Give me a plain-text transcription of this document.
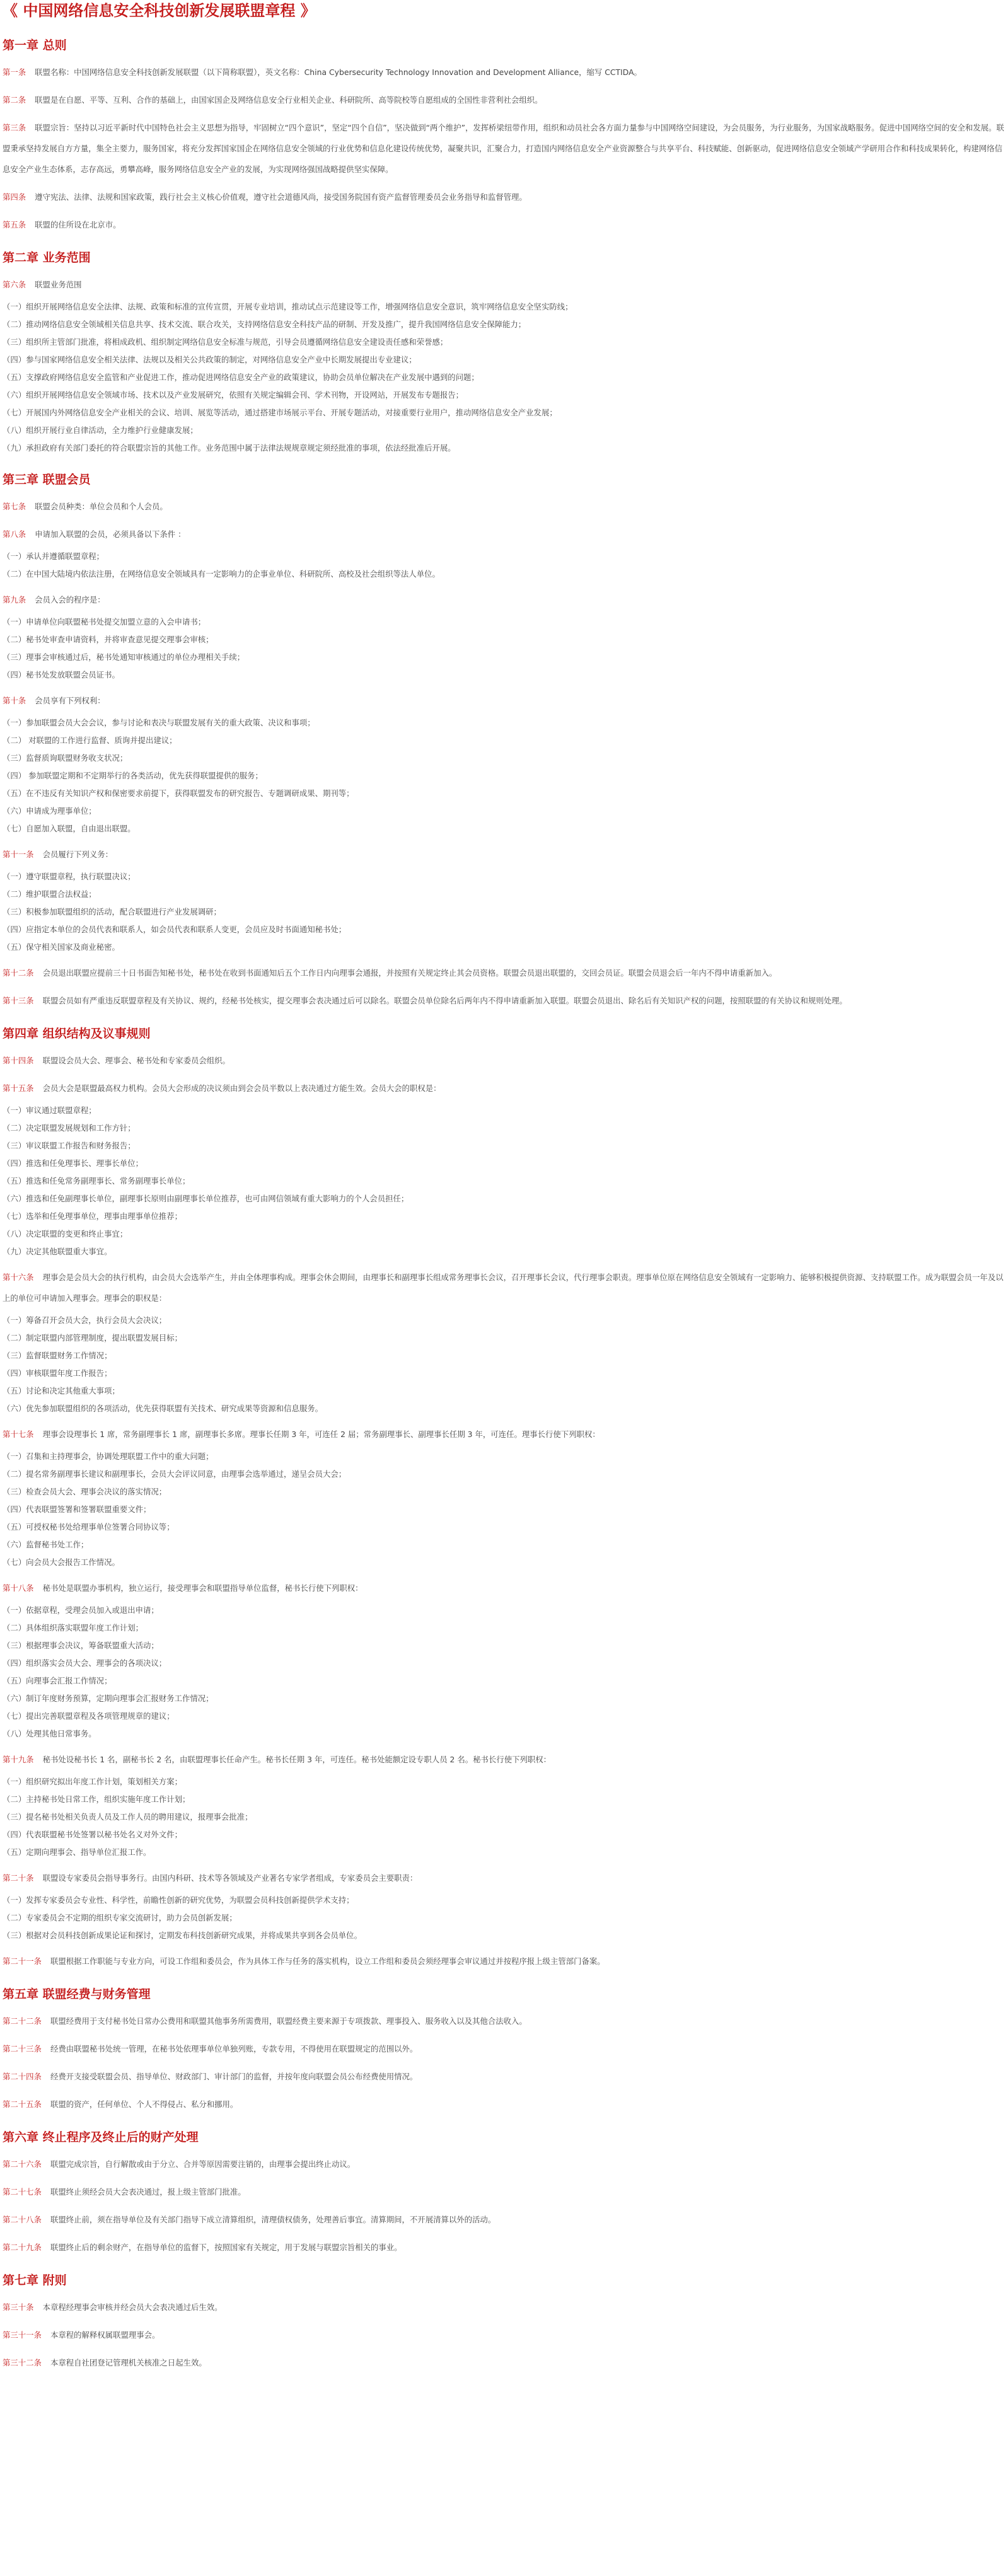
《 中国网络信息安全科技创新发展联盟章程 》
第一章 总则

第一条 联盟名称：中国网络信息安全科技创新发展联盟（以下简称联盟），英文名称：China Cybersecurity Technology Innovation and Development Alliance，缩写 CCTIDA。

第二条 联盟是在自愿、平等、互利、合作的基础上，由国家国企及网络信息安全行业相关企业、科研院所、高等院校等自愿组成的全国性非营利社会组织。

第三条 联盟宗旨：坚持以习近平新时代中国特色社会主义思想为指导，牢固树立“四个意识”，坚定“四个自信”，坚决做到“两个维护”，发挥桥梁纽带作用，组织和动员社会各方面力量参与中国网络空间建设，为会员服务，为行业服务，为国家战略服务。促进中国网络空间的安全和发展。联盟秉承坚持发展自方方量，集全主要力，服务国家，将充分发挥国家国企在网络信息安全领域的行业优势和信息化建设传统优势，凝聚共识，汇聚合力，打造国内网络信息安全产业资源整合与共享平台、科技赋能、创新驱动，促进网络信息安全领域产学研用合作和科技成果转化，构建网络信息安全产业生态体系，志存高远，勇攀高峰，服务网络信息安全产业的发展，为实现网络强国战略提供坚实保障。

第四条 遵守宪法、法律、法规和国家政策，践行社会主义核心价值观，遵守社会道德风尚，接受国务院国有资产监督管理委员会业务指导和监督管理。

第五条 联盟的住所设在北京市。

第二章 业务范围

第六条 联盟业务范围

（一）组织开展网络信息安全法律、法规、政策和标准的宣传宣贯，开展专业培训，推动试点示范建设等工作，增强网络信息安全意识，筑牢网络信息安全坚实防线；

（二）推动网络信息安全领域相关信息共享、技术交流、联合攻关，支持网络信息安全科技产品的研制、开发及推广，提升我国网络信息安全保障能力；

（三）组织所主管部门批准，将相成政机、组织制定网络信息安全标准与规范，引导会员遵循网络信息安全建设责任感和荣誉感；

（四）参与国家网络信息安全相关法律、法规以及相关公共政策的制定，对网络信息安全产业中长期发展提出专业建议；

（五）支撑政府网络信息安全监管和产业促进工作，推动促进网络信息安全产业的政策建议，协助会员单位解决在产业发展中遇到的问题；

（六）组织开展网络信息安全领域市场、技术以及产业发展研究，依照有关规定编辑会刊、学术刊物，开设网站，开展发布专题报告；

（七）开展国内外网络信息安全产业相关的会议、培训、展览等活动，通过搭建市场展示平台、开展专题活动，对接重要行业用户，推动网络信息安全产业发展；

（八）组织开展行业自律活动，全力维护行业健康发展；

（九）承担政府有关部门委托的符合联盟宗旨的其他工作。业务范围中属于法律法规规章规定须经批准的事项，依法经批准后开展。

第三章 联盟会员

第七条 联盟会员种类：单位会员和个人会员。

第八条 申请加入联盟的会员，必须具备以下条件 ：

（一）承认并遵循联盟章程；

（二）在中国大陆境内依法注册，在网络信息安全领域具有一定影响力的企事业单位、科研院所、高校及社会组织等法人单位。

第九条 会员入会的程序是：

（一）申请单位向联盟秘书处提交加盟立意的入会申请书；

（二）秘书处审查申请资料，并将审查意见提交理事会审核；

（三）理事会审核通过后，秘书处通知审核通过的单位办理相关手续；

（四）秘书处发放联盟会员证书。

第十条 会员享有下列权利：

（一）参加联盟会员大会会议，参与讨论和表决与联盟发展有关的重大政策、决议和事项；

（二） 对联盟的工作进行监督、质询并提出建议；

（三）监督质询联盟财务收支状况；

（四） 参加联盟定期和不定期举行的各类活动，优先获得联盟提供的服务；

（五）在不违反有关知识产权和保密要求前提下，获得联盟发布的研究报告、专题调研成果、期刊等；

（六）申请成为理事单位；

（七）自愿加入联盟，自由退出联盟。

第十一条 会员履行下列义务：

（一）遵守联盟章程，执行联盟决议；

（二）维护联盟合法权益；

（三）积极参加联盟组织的活动，配合联盟进行产业发展调研；

（四）应指定本单位的会员代表和联系人，如会员代表和联系人变更，会员应及时书面通知秘书处；

（五）保守相关国家及商业秘密。

第十二条 会员退出联盟应提前三十日书面告知秘书处，秘书处在收到书面通知后五个工作日内向理事会通报，并按照有关规定终止其会员资格。联盟会员退出联盟的，交回会员证。联盟会员退会后一年内不得申请重新加入。

第十三条 联盟会员如有严重违反联盟章程及有关协议、规约，经秘书处核实，提交理事会表决通过后可以除名。联盟会员单位除名后两年内不得申请重新加入联盟。联盟会员退出、除名后有关知识产权的问题，按照联盟的有关协议和规则处理。

第四章 组织结构及议事规则

第十四条 联盟设会员大会、理事会、秘书处和专家委员会组织。

第十五条 会员大会是联盟最高权力机构。会员大会形成的决议须由到会会员半数以上表决通过方能生效。会员大会的职权是：

（一）审议通过联盟章程；

（二）决定联盟发展规划和工作方针；

（三）审议联盟工作报告和财务报告；

（四）推选和任免理事长、理事长单位；

（五）推选和任免常务副理事长、常务副理事长单位；

（六）推选和任免副理事长单位，副理事长原则由副理事长单位推荐，也可由网信领域有重大影响力的个人会员担任；

（七）选举和任免理事单位，理事由理事单位推荐；

（八）决定联盟的变更和终止事宜；

（九）决定其他联盟重大事宜。

第十六条 理事会是会员大会的执行机构，由会员大会选举产生，并由全体理事构成。理事会休会期间，由理事长和副理事长组成常务理事长会议，召开理事长会议，代行理事会职责。理事单位原在网络信息安全领域有一定影响力、能够积极提供资源、支持联盟工作。成为联盟会员一年及以上的单位可申请加入理事会。理事会的职权是：

（一）筹备召开会员大会，执行会员大会决议；

（二）制定联盟内部管理制度，提出联盟发展目标；

（三）监督联盟财务工作情况；

（四）审核联盟年度工作报告；

（五）讨论和决定其他重大事项；

（六）优先参加联盟组织的各项活动，优先获得联盟有关技术、研究成果等资源和信息服务。

第十七条 理事会设理事长 1 席，常务副理事长 1 席，副理事长多席。理事长任期 3 年，可连任 2 届；常务副理事长、副理事长任期 3 年，可连任。理事长行使下列职权：

（一）召集和主持理事会，协调处理联盟工作中的重大问题；

（二）提名常务副理事长建议和副理事长，会员大会评议同意，由理事会选举通过，递呈会员大会；

（三）检查会员大会、理事会决议的落实情况；

（四）代表联盟签署和签署联盟重要文件；

（五）可授权秘书处给理事单位签署合同协议等；

（六）监督秘书处工作；

（七）向会员大会报告工作情况。

第十八条 秘书处是联盟办事机构，独立运行，接受理事会和联盟指导单位监督，秘书长行使下列职权：

（一）依据章程，受理会员加入或退出申请；

（二）具体组织落实联盟年度工作计划；

（三）根据理事会决议，筹备联盟重大活动；

（四）组织落实会员大会、理事会的各项决议；

（五）向理事会汇报工作情况；

（六）制订年度财务预算，定期向理事会汇报财务工作情况；

（七）提出完善联盟章程及各项管理规章的建议；

（八）处理其他日常事务。

第十九条 秘书处设秘书长 1 名，副秘书长 2 名，由联盟理事长任命产生。秘书长任期 3 年，可连任。秘书处能额定设专职人员 2 名。秘书长行使下列职权：

（一）组织研究拟出年度工作计划，策划相关方案；

（二）主持秘书处日常工作，组织实施年度工作计划；

（三）提名秘书处相关负责人员及工作人员的聘用建议，报理事会批准；

（四）代表联盟秘书处签署以秘书处名义对外文件；

（五）定期向理事会、指导单位汇报工作。

第二十条 联盟设专家委员会指导事务行。由国内科研、技术等各领域及产业著名专家学者组成，专家委员会主要职责：

（一）发挥专家委员会专业性、科学性，前瞻性创新的研究优势，为联盟会员科技创新提供学术支持；

（二）专家委员会不定期的组织专家交流研讨，助力会员创新发展；

（三）根据对会员科技创新成果论证和探讨，定期发布科技创新研究成果，并将成果共享到各会员单位。

第二十一条 联盟根据工作职能与专业方向，可设工作组和委员会，作为具体工作与任务的落实机构，设立工作组和委员会须经理事会审议通过并按程序报上级主管部门备案。

第五章 联盟经费与财务管理

第二十二条 联盟经费用于支付秘书处日常办公费用和联盟其他事务所需费用，联盟经费主要来源于专项拨款、理事投入、服务收入以及其他合法收入。

第二十三条 经费由联盟秘书处统一管理，在秘书处依理事单位单独列账，专款专用，不得使用在联盟规定的范围以外。

第二十四条 经费开支接受联盟会员、指导单位、财政部门、审计部门的监督，并按年度向联盟会员公布经费使用情况。

第二十五条 联盟的资产，任何单位、个人不得侵占、私分和挪用。

第六章 终止程序及终止后的财产处理

第二十六条 联盟完成宗旨，自行解散或由于分立、合并等原因需要注销的，由理事会提出终止动议。

第二十七条 联盟终止须经会员大会表决通过，报上级主管部门批准。

第二十八条 联盟终止前，须在指导单位及有关部门指导下成立清算组织，清理债权债务，处理善后事宜。清算期间，不开展清算以外的活动。

第二十九条 联盟终止后的剩余财产，在指导单位的监督下，按照国家有关规定，用于发展与联盟宗旨相关的事业。

第七章 附则

第三十条 本章程经理事会审核并经会员大会表决通过后生效。

第三十一条 本章程的解释权属联盟理事会。

第三十二条 本章程自社团登记管理机关核准之日起生效。
